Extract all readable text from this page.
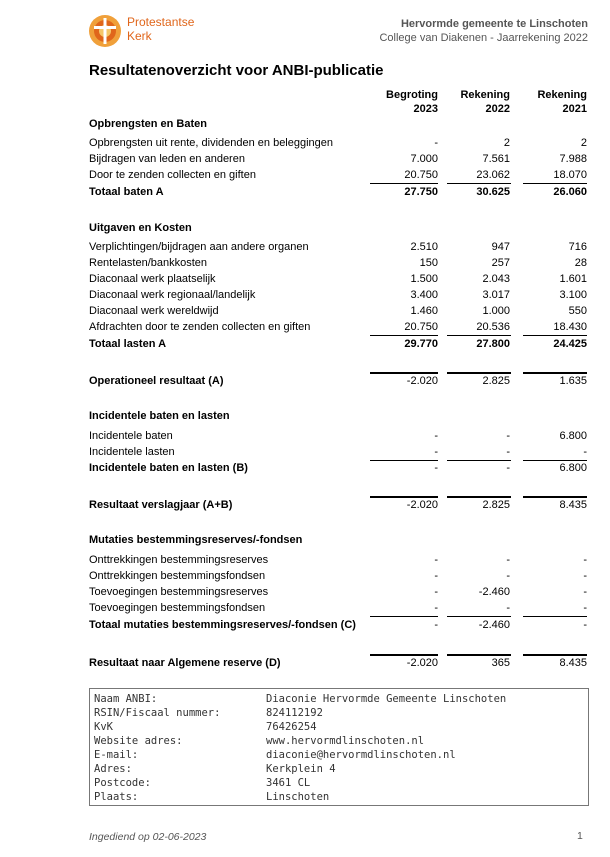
Protestantse
Kerk
Hervormde gemeente te Linschoten
College van Diakenen - Jaarrekening 2022
Resultatenoverzicht voor ANBI-publicatie
Begroting
2023
Rekening
2022
Rekening
2021
Opbrengsten en Baten
Opbrengsten uit rente, dividenden en beleggingen	-	2	2
Bijdragen van leden en anderen	7.000	7.561	7.988
Door te zenden collecten en giften	20.750	23.062	18.070
Totaal baten A	27.750	30.625	26.060
Uitgaven en Kosten
Verplichtingen/bijdragen aan andere organen	2.510	947	716
Rentelasten/bankkosten	150	257	28
Diaconaal werk plaatselijk	1.500	2.043	1.601
Diaconaal werk regionaal/landelijk	3.400	3.017	3.100
Diaconaal werk wereldwijd	1.460	1.000	550
Afdrachten door te zenden collecten en giften	20.750	20.536	18.430
Totaal lasten A	29.770	27.800	24.425
Operationeel resultaat (A)	-2.020	2.825	1.635
Incidentele baten en lasten
Incidentele baten	-	-	6.800
Incidentele lasten	-	-	-
Incidentele baten en lasten (B)	-	-	6.800
Resultaat verslagjaar (A+B)	-2.020	2.825	8.435
Mutaties bestemmingsreserves/-fondsen
Onttrekkingen bestemmingsreserves	-	-	-
Onttrekkingen bestemmingsfondsen	-	-	-
Toevoegingen bestemmingsreserves	-	-2.460	-
Toevoegingen bestemmingsfondsen	-	-	-
Totaal mutaties bestemmingsreserves/-fondsen (C)	-	-2.460	-
Resultaat naar Algemene reserve (D)	-2.020	365	8.435
Naam ANBI:	Diaconie Hervormde Gemeente Linschoten
RSIN/Fiscaal nummer:	824112192
KvK	76426254
Website adres:	www.hervormdlinschoten.nl
E-mail:	diaconie@hervormdlinschoten.nl
Adres:	Kerkplein 4
Postcode:	3461 CL
Plaats:	Linschoten
Ingediend op 02-06-2023	1
